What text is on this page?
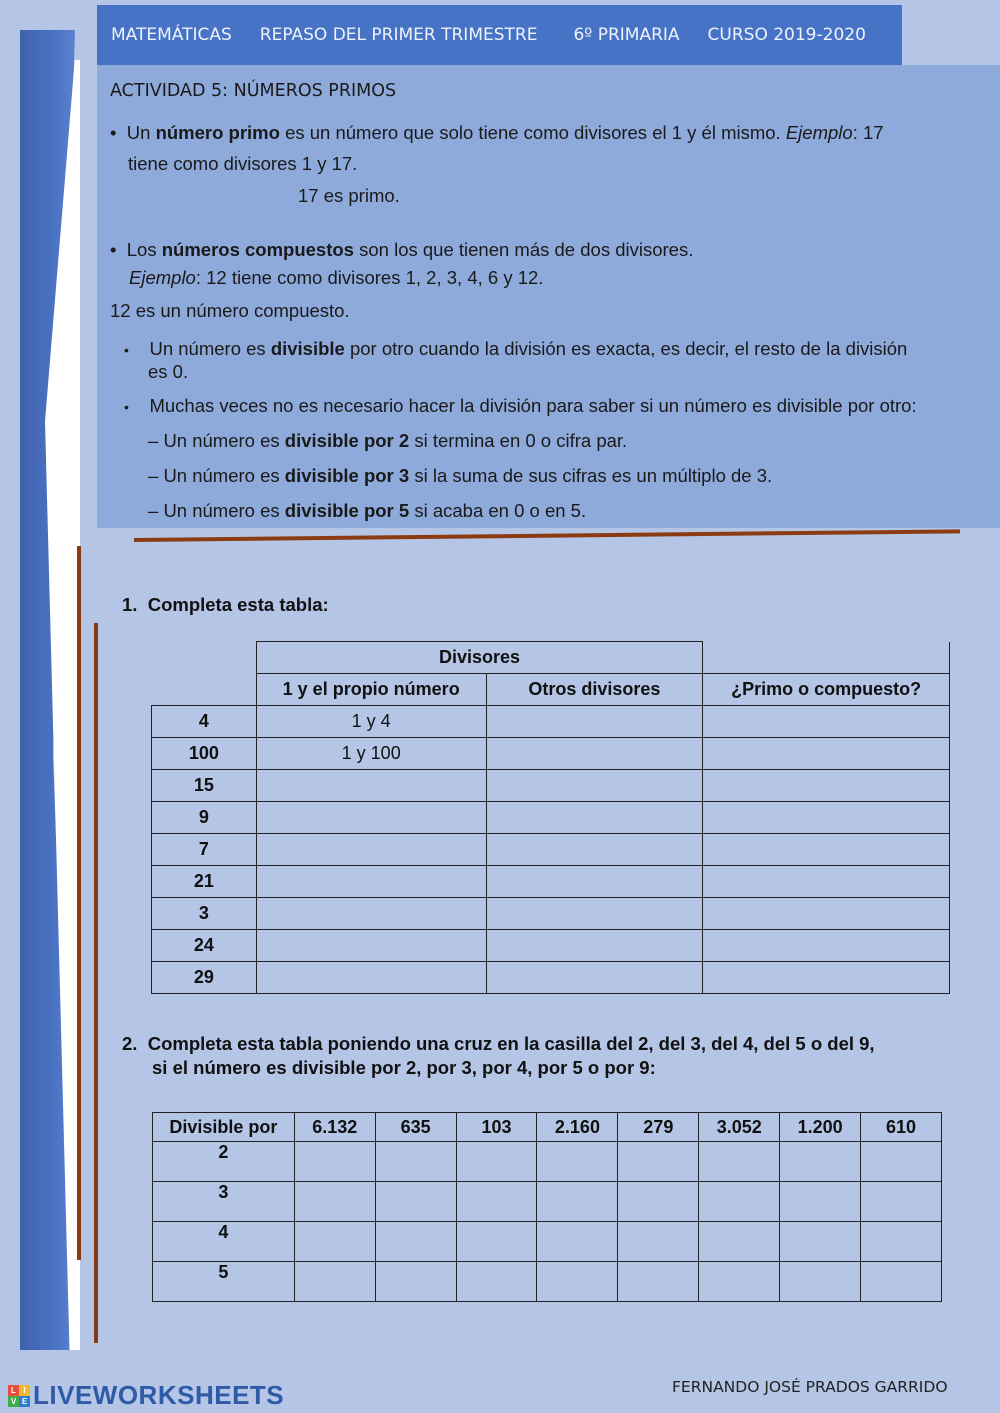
MATEMÁTICAS REPASO DEL PRIMER TRIMESTRE 6º PRIMARIA CURSO 2019-2020
ACTIVIDAD 5: NÚMEROS PRIMOS
• Un número primo es un número que solo tiene como divisores el 1 y él mismo. Ejemplo: 17
tiene como divisores 1 y 17.
17 es primo.
• Los números compuestos son los que tienen más de dos divisores.
Ejemplo: 12 tiene como divisores 1, 2, 3, 4, 6 y 12.
12 es un número compuesto.
• Un número es divisible por otro cuando la división es exacta, es decir, el resto de la división
es 0.
• Muchas veces no es necesario hacer la división para saber si un número es divisible por otro:
– Un número es divisible por 2 si termina en 0 o cifra par.
– Un número es divisible por 3 si la suma de sus cifras es un múltiplo de 3.
– Un número es divisible por 5 si acaba en 0 o en 5.
1. Completa esta tabla:
	Divisores		
	1 y el propio número	Otros divisores	¿Primo o compuesto?
4	1 y 4		
100	1 y 100		
15			
9			
7			
21			
3			
24			
29			
2. Completa esta tabla poniendo una cruz en la casilla del 2, del 3, del 4, del 5 o del 9,
si el número es divisible por 2, por 3, por 4, por 5 o por 9:
Divisible por	6.132	635	103	2.160	279	3.052	1.200	610
2								
3								
4								
5								
L I
V E LIVEWORKSHEETS	FERNANDO JOSÉ PRADOS GARRIDO
